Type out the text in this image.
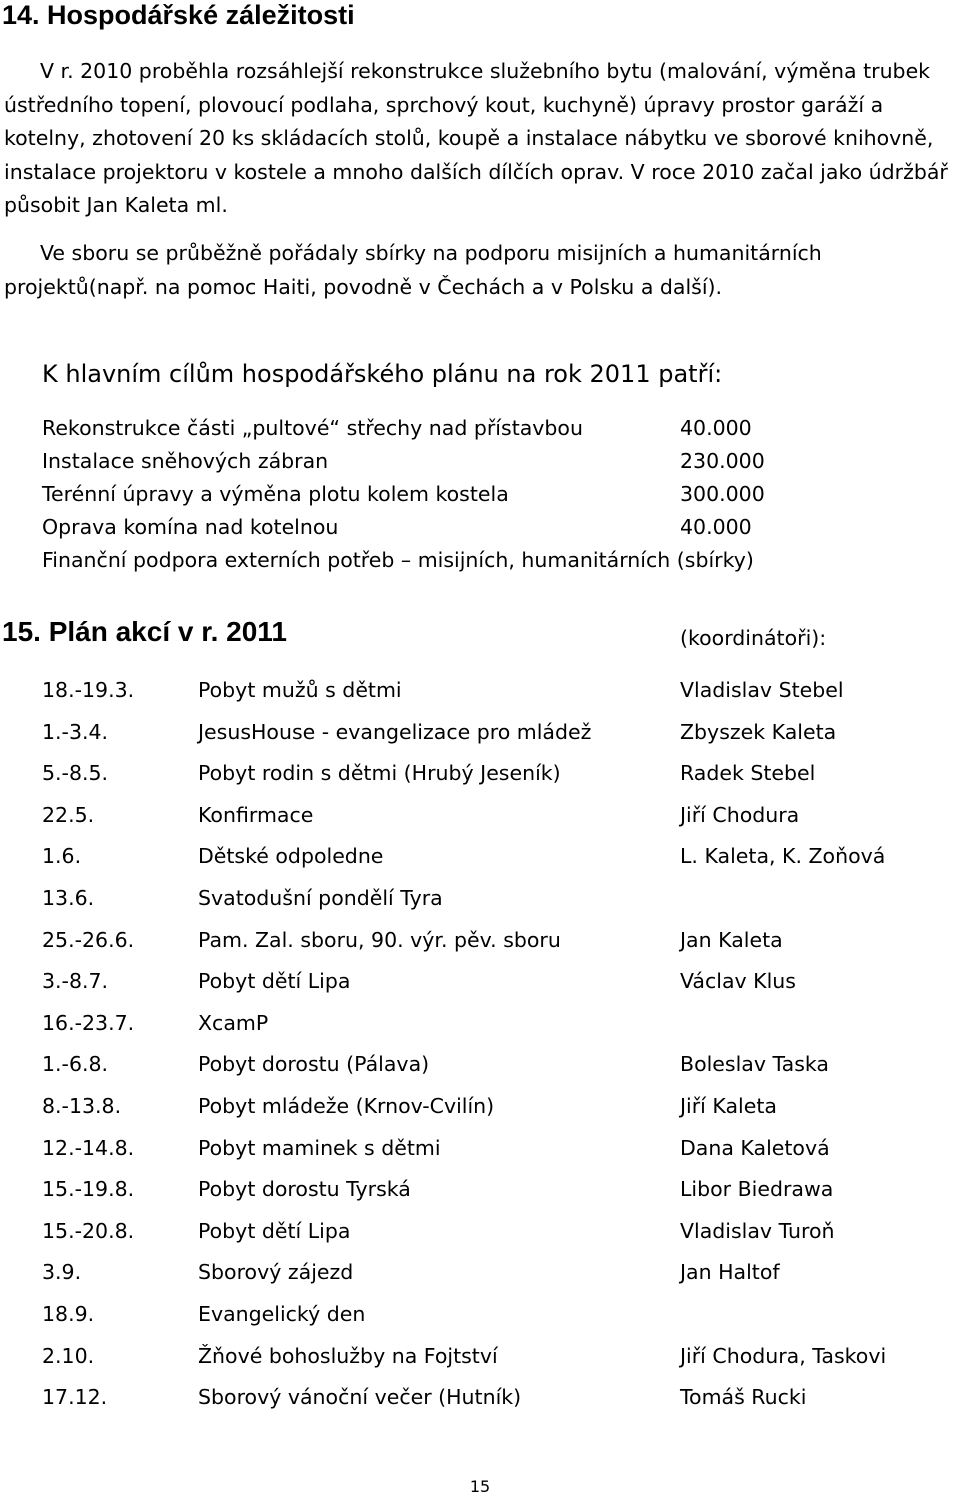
14. Hospodářské záležitosti

V r. 2010 proběhla rozsáhlejší rekonstrukce služebního bytu (malování, výměna trubek ústředního topení, plovoucí podlaha, sprchový kout, kuchyně) úpravy prostor garáží a kotelny, zhotovení 20 ks skládacích stolů, koupě a instalace nábytku ve sborové knihovně, instalace projektoru v kostele a mnoho dalších dílčích oprav. V roce 2010 začal jako údržbář působit Jan Kaleta ml.

Ve sboru se průběžně pořádaly sbírky na podporu misijních a humanitárních projektů(např. na pomoc Haiti, povodně v Čechách a v Polsku a další).

K hlavním cílům hospodářského plánu na rok 2011 patří:
Rekonstrukce části „pultové“ střechy nad přístavbou	40.000
Instalace sněhových zábran	230.000
Terénní úpravy a výměna plotu kolem kostela	300.000
Oprava komína nad kotelnou	40.000
Finanční podpora externích potřeb – misijních, humanitárních (sbírky)
15. Plán akcí v r. 2011	(koordinátoři):
18.-19.3.	Pobyt mužů s dětmi	Vladislav Stebel
1.-3.4.	JesusHouse - evangelizace pro mládež	Zbyszek Kaleta
5.-8.5.	Pobyt rodin s dětmi (Hrubý Jeseník)	Radek Stebel
22.5.	Konfirmace	Jiří Chodura
1.6.	Dětské odpoledne	L. Kaleta, K. Zoňová
13.6.	Svatodušní pondělí Tyra
25.-26.6.	Pam. Zal. sboru, 90. výr. pěv. sboru	Jan Kaleta
3.-8.7.	Pobyt dětí Lipa	Václav Klus
16.-23.7.	XcamP
1.-6.8.	Pobyt dorostu (Pálava)	Boleslav Taska
8.-13.8.	Pobyt mládeže (Krnov-Cvilín)	Jiří Kaleta
12.-14.8.	Pobyt maminek s dětmi	Dana Kaletová
15.-19.8.	Pobyt dorostu Tyrská	Libor Biedrawa
15.-20.8.	Pobyt dětí Lipa	Vladislav Turoň
3.9.	Sborový zájezd	Jan Haltof
18.9.	Evangelický den
2.10.	Žňové bohoslužby na Fojtství	Jiří Chodura, Taskovi
17.12.	Sborový vánoční večer (Hutník)	Tomáš Rucki
15
